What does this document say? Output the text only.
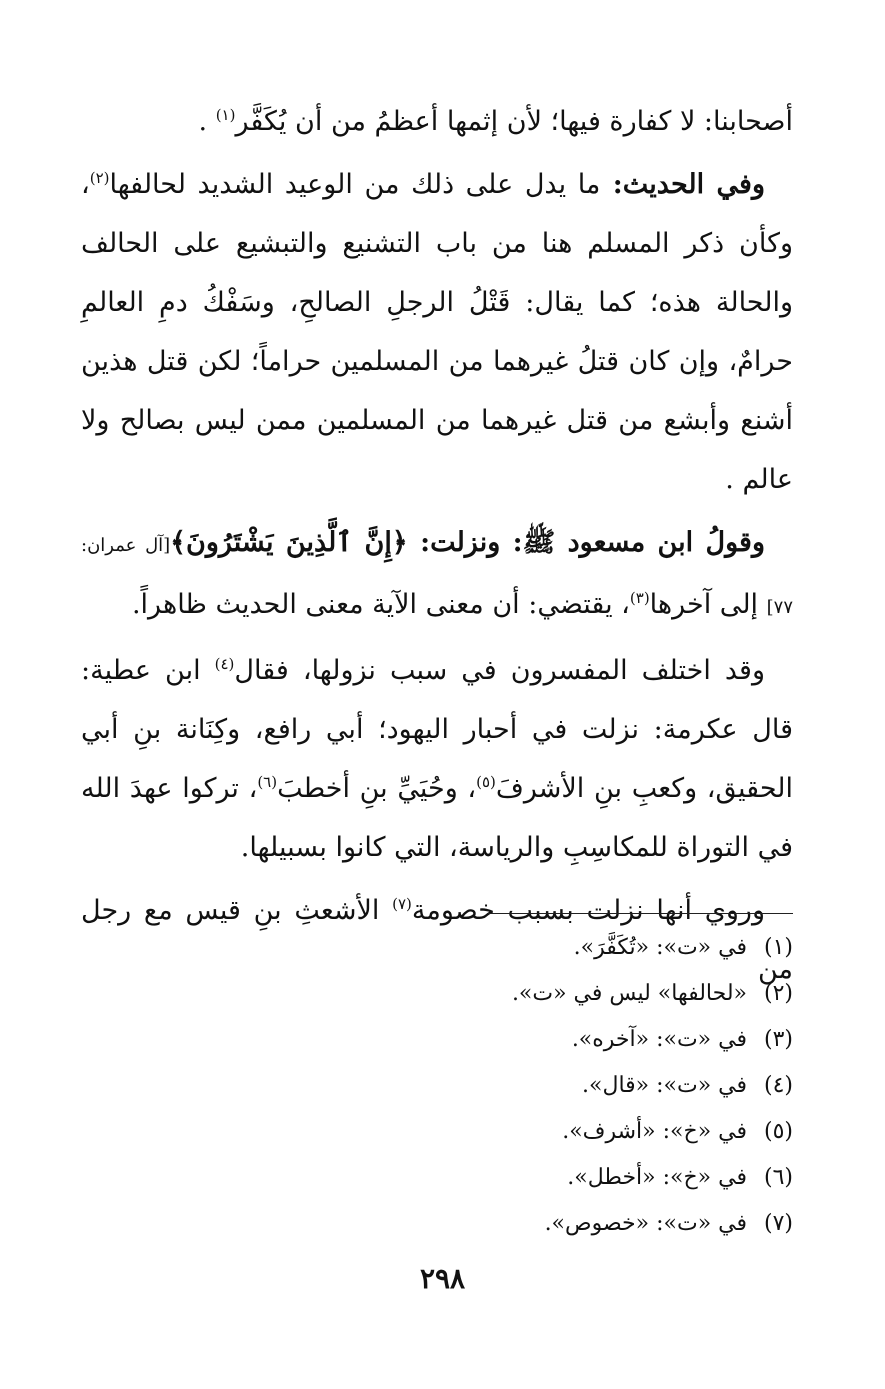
أصحابنا: لا كفارة فيها؛ لأن إثمها أعظمُ من أن يُكَفَّر$^{(١)}$ .

وفي الحديث: ما يدل على ذلك من الوعيد الشديد لحالفها$^{(٢)}$، وكأن ذكر المسلم هنا من باب التشنيع والتبشيع على الحالف والحالة هذه؛ كما يقال: قَتْلُ الرجلِ الصالحِ، وسَفْكُ دمِ العالمِ حرامٌ، وإن كان قتلُ غيرهما من المسلمين حراماً؛ لكن قتل هذين أشنع وأبشع من قتل غيرهما من المسلمين ممن ليس بصالح ولا عالم .

وقولُ ابن مسعود ﷺ: ونزلت: ﴿إِنَّ ٱلَّذِينَ يَشْتَرُونَ﴾[آل عمران: ٧٧] إلى آخرها$^{(٣)}$، يقتضي: أن معنى الآية معنى الحديث ظاهراً.

وقد اختلف المفسرون في سبب نزولها، فقال$^{(٤)}$ ابن عطية: قال عكرمة: نزلت في أحبار اليهود؛ أبي رافع، وكِنَانة بنِ أبي الحقيق، وكعبِ بنِ الأشرفَ$^{(٥)}$، وحُيَيِّ بنِ أخطبَ$^{(٦)}$، تركوا عهدَ الله في التوراة للمكاسِبِ والرياسة، التي كانوا بسبيلها.

وروي أنها نزلت بسبب خصومة$^{(٧)}$ الأشعثِ بنِ قيس مع رجل من

(١)في «ت»: «تُكَفَّرَ».
(٢)«لحالفها» ليس في «ت».
(٣)في «ت»: «آخره».
(٤)في «ت»: «قال».
(٥)في «خ»: «أشرف».
(٦)في «خ»: «أخطل».
(٧)في «ت»: «خصوص».
٢٩٨
